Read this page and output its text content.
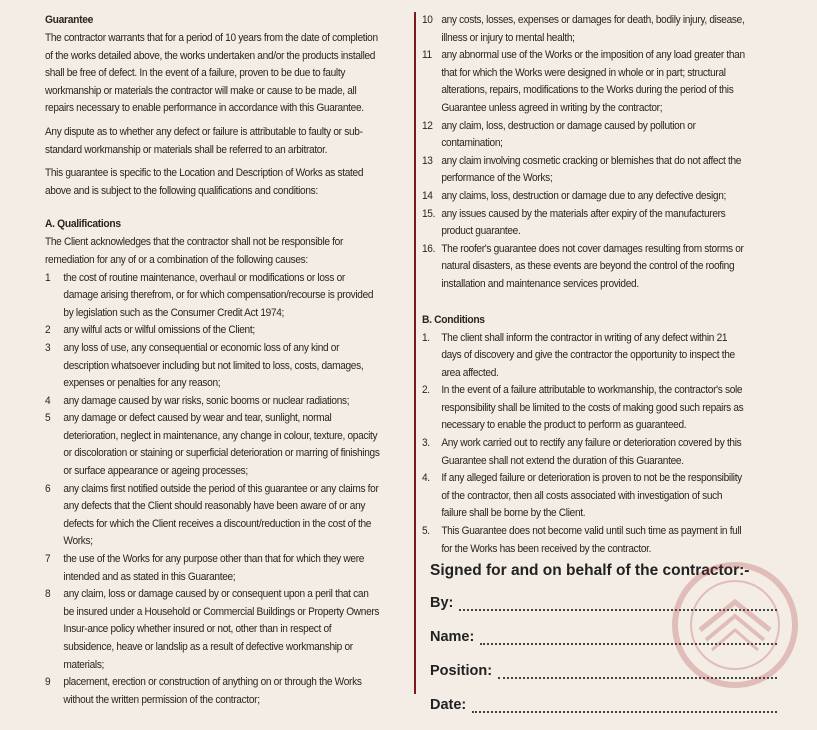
Guarantee

The contractor warrants that for a period of 10 years from the date of completion of the works detailed above, the works undertaken and/or the products installed shall be free of defect. In the event of a failure, proven to be due to faulty workmanship or materials the contractor will make or cause to be made, all repairs necessary to enable performance in accordance with this Guarantee.

Any dispute as to whether any defect or failure is attributable to faulty or sub-standard workmanship or materials shall be referred to an arbitrator.

This guarantee is specific to the Location and Description of Works as stated above and is subject to the following qualifications and conditions:

A. Qualifications
The Client acknowledges that the contractor shall not be responsible for remediation for any of or a combination of the following causes:
1	the cost of routine maintenance, overhaul or modifications or loss or damage arising therefrom, or for which compensation/recourse is provided by legislation such as the Consumer Credit Act 1974;
2	any wilful acts or wilful omissions of the Client;
3	any loss of use, any consequential or economic loss of any kind or description whatsoever including but not limited to loss, costs, damages, expenses or penalties for any reason;
4	any damage caused by war risks, sonic booms or nuclear radiations;
5	any damage or defect caused by wear and tear, sunlight, normal deterioration, neglect in maintenance, any change in colour, texture, opacity or discoloration or staining or superficial deterioration or marring of finishings or surface appearance or ageing processes;
6	any claims first notified outside the period of this guarantee or any claims for any defects that the Client should reasonably have been aware of or any defects for which the Client receives a discount/reduction in the cost of the Works;
7	the use of the Works for any purpose other than that for which they were intended and as stated in this Guarantee;
8	any claim, loss or damage caused by or consequent upon a peril that can be insured under a Household or Commercial Buildings or Property Owners Insur-ance policy whether insured or not, other than in respect of subsidence, heave or landslip as a result of defective workmanship or materials;
9	placement, erection or construction of anything on or through the Works without the written permission of the contractor;
10 any costs, losses, expenses or damages for death, bodily injury, disease, illness or injury to mental health;
11 any abnormal use of the Works or the imposition of any load greater than that for which the Works were designed in whole or in part; structural alterations, repairs, modifications to the Works during the period of this Guarantee unless agreed in writing by the contractor;
12 any claim, loss, destruction or damage caused by pollution or contamination;
13 any claim involving cosmetic cracking or blemishes that do not affect the performance of the Works;
14 any claims, loss, destruction or damage due to any defective design;
15. any issues caused by the materials after expiry of the manufacturers product guarantee.
16. The roofer's guarantee does not cover damages resulting from storms or natural disasters, as these events are beyond the control of the roofing installation and maintenance services provided.
B. Conditions
1.	The client shall inform the contractor in writing of any defect within 21 days of discovery and give the contractor the opportunity to inspect the area affected.
2.	In the event of a failure attributable to workmanship, the contractor's sole responsibility shall be limited to the costs of making good such repairs as necessary to enable the product to perform as guaranteed.
3.	Any work carried out to rectify any failure or deterioration covered by this Guarantee shall not extend the duration of this Guarantee.
4.	If any alleged failure or deterioration is proven to not be the responsibility of the contractor, then all costs associated with investigation of such failure shall be borne by the Client.
5.	This Guarantee does not become valid until such time as payment in full for the Works has been received by the contractor.
Signed for and on behalf of the contractor:-
By:
Name:
Position:
Date:
